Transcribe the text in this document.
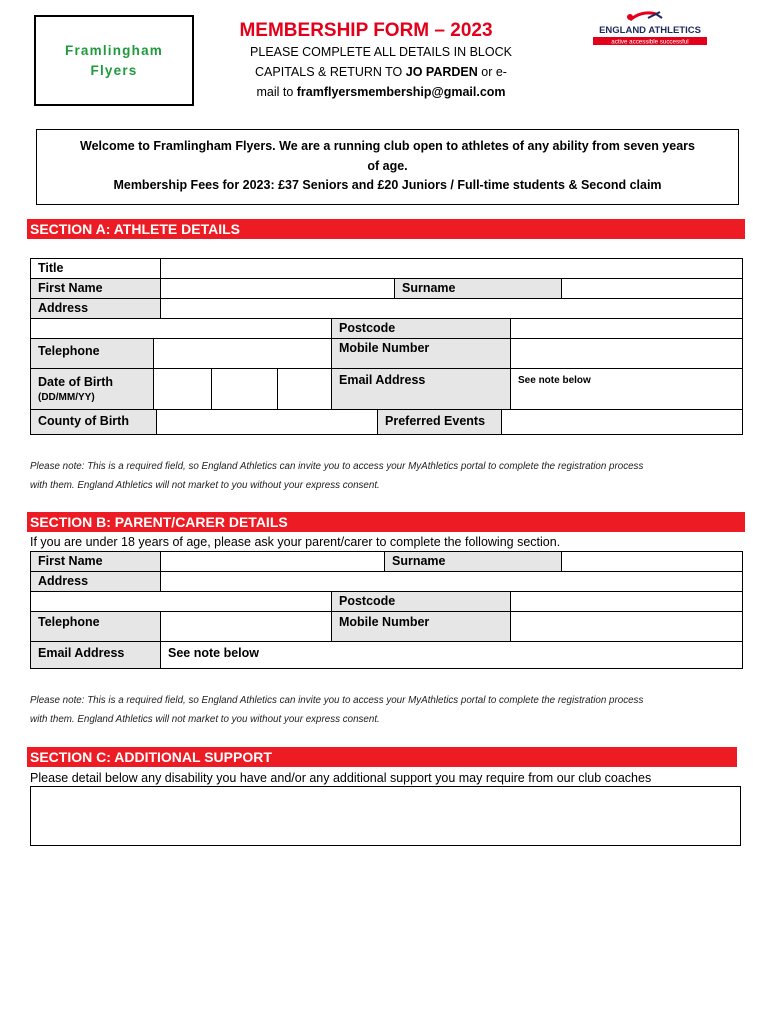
Framlingham
Flyers
MEMBERSHIP FORM – 2023
PLEASE COMPLETE ALL DETAILS IN BLOCK
CAPITALS & RETURN TO JO PARDEN or e-
mail to framflyersmembership@gmail.com
ENGLAND ATHLETICS
active accessible successful
Welcome to Framlingham Flyers. We are a running club open to athletes of any ability from seven years
of age.
Membership Fees for 2023: £37 Seniors and £20 Juniors / Full-time students & Second claim
SECTION A: ATHLETE DETAILS
Title
First Name	Surname
Address
Postcode
Telephone	Mobile Number
Date of Birth
(DD/MM/YY)
Email Address	See note below
County of Birth	Preferred Events
Please note: This is a required field, so England Athletics can invite you to access your MyAthletics portal to complete the registration process
with them. England Athletics will not market to you without your express consent.
SECTION B: PARENT/CARER DETAILS
If you are under 18 years of age, please ask your parent/carer to complete the following section.
First Name	Surname
Address
Postcode
Telephone	Mobile Number
Email Address	See note below
Please note: This is a required field, so England Athletics can invite you to access your MyAthletics portal to complete the registration process
with them. England Athletics will not market to you without your express consent.
SECTION C: ADDITIONAL SUPPORT
Please detail below any disability you have and/or any additional support you may require from our club coaches
